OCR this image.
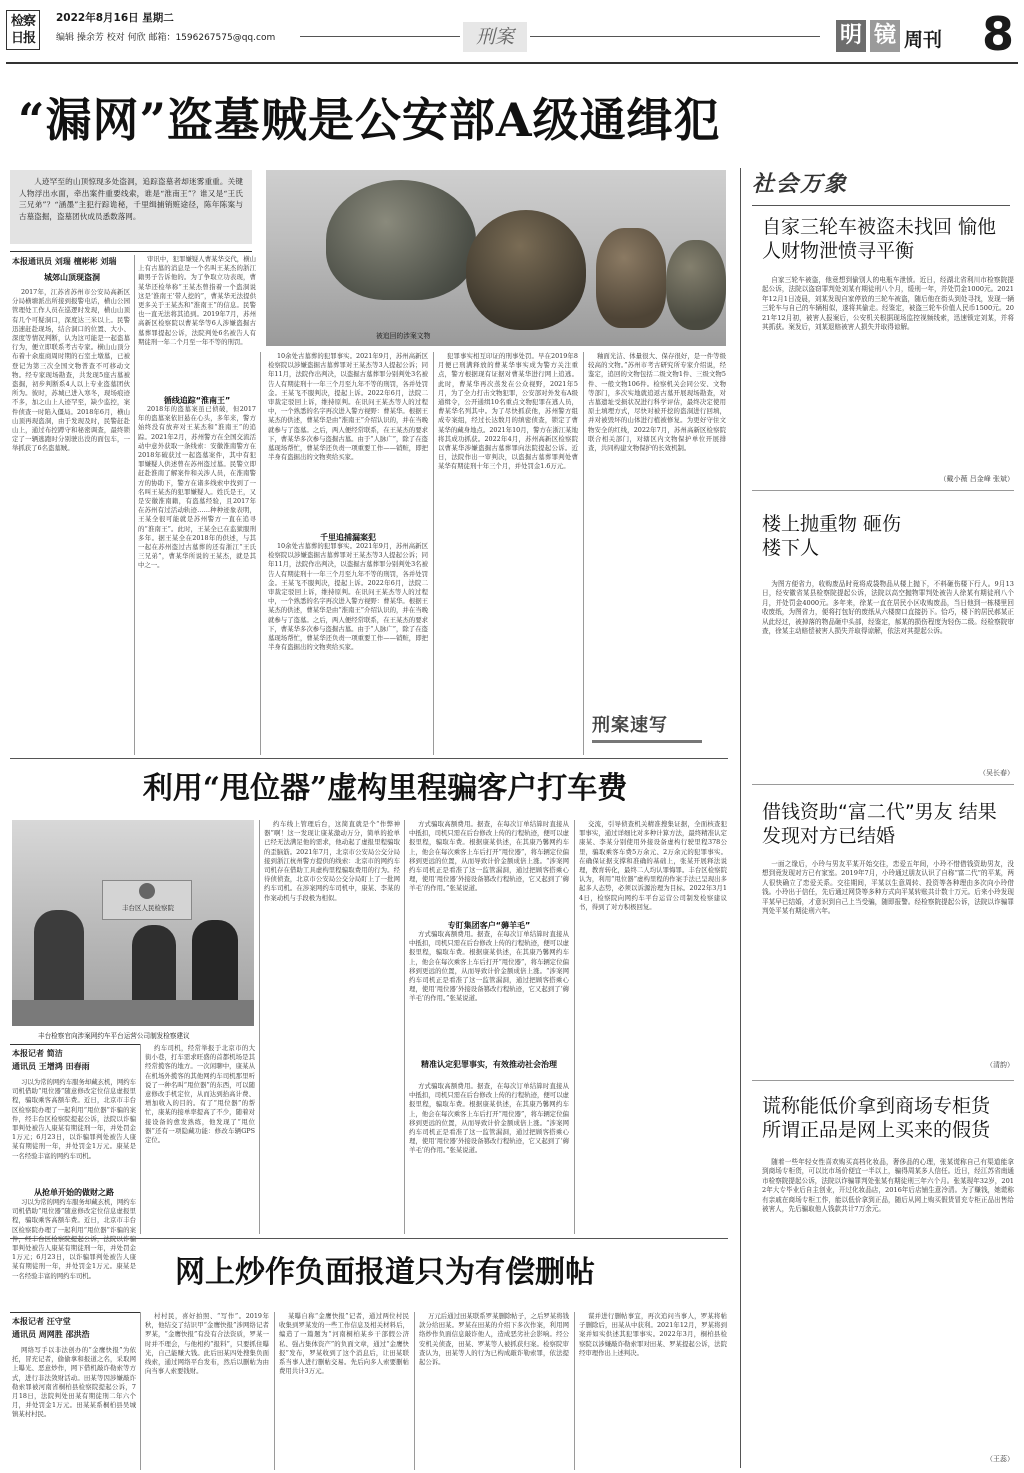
检察日报
2022年8月16日 星期二
编辑 操余芳 校对 何欣 邮箱：1596267575@qq.com	刑案	明 镜 周刊 8
“漏网”盗墓贼是公安部A级通缉犯
人迹罕至的山顶惊现多处盗洞，追踪盗墓者却迷雾重重。关键人物浮出水面，牵出案件重要线索，谁是“淮南王”？谁又是“王氏三兄弟”？“涵墨”主犯行踪诡秘，千里缉捕销赃途径，陈年陈案与古墓盗掘，盗墓团伙成员悉数落网。
本报通讯员 刘瑞 檀彬彬 刘瑞
城郊山顶现盗洞
被追回的涉案文物

2017年，江苏省苏州市公安局高新区分局横塘派出所接到报警电话，横山公园管理处工作人员在巡逻时发现，横山山顶有几个可疑洞口，深度达三米以上。民警迅速赶赴现场，结合洞口的位置、大小、深度等情况判断，认为这可能是一起盗墓行为，便立即联系考古专家。横山山顶分布着十余座商周时期的石室土墩墓，已被登记为第三次全国文物普查不可移动文物。经专家现场勘查，共发现5座古墓被盗掘，初步判断系4人以上专业盗墓团伙所为。彼时，苏城已进入寒冬，现场痕迹不多，加之山上人迹罕至，缺少监控，案件侦查一时陷入僵局。2018年6月，横山山顶再现盗洞，由于发现及时，民警赶赴山上，通过布控蹲守和秘密调查，最终锁定了一辆逃跑时分别驶出没的面包车，一举抓获了6名盗墓贼。

审讯中，犯罪嫌疑人曹某华交代，横山上有古墓的消息是一个名叫王某杰的浙江籍男子告诉他的。为了争取立功表现，曹某华还检举称“王某杰曾指着一个盗洞说这是‘淮南王’带人挖的”，曹某华无法提供更多关于王某杰和“淮南王”的信息。民警也一直无法将其追到。2019年7月，苏州高新区检察院以曹某华等6人涉嫌盗掘古墓葬罪提起公诉，法院判处6名被告人有期徒刑一年二个月至一年不等的刑罚。

循线追踪“淮南王”

2018年的盗墓案虽已侦破，但2017年的盗墓案依旧悬在心头，多年来，警方始终没有放弃对王某杰和“淮南王”的追踪。2021年2月，苏州警方在全国交流活动中意外获取一条线索：安徽淮南警方在2018年破获过一起盗墓案件，其中有犯罪嫌疑人供述曾在苏州盗过墓。民警立即赶赴淮南了解案件和关涉人员，在淮南警方的协助下，警方在诸多线索中找到了一名叫王某杰的犯罪嫌疑人。姓氏是王，又是安徽淮南籍，有盗墓经验，且2017年在苏州有过活动轨迹……种种迹象表明，王某全很可能就是苏州警方一直在追寻的“淮南王”。此时，王某全已在监狱服刑多年。据王某全在2018年的供述，与其一起在苏州盗过古墓葬的还有浙江“王氏三兄弟”，曹某华所说的王某杰，就是其中之一。

10余处古墓葬的犯罪事实。2021年9月，苏州高新区检察院以涉嫌盗掘古墓葬罪对王某杰等3人提起公诉；同年11月，法院作出判决，以盗掘古墓葬罪分别判处3名被告人有期徒刑十一年三个月至九年不等的刑罚，各并处罚金。王某飞不服判决，提起上诉。2022年6月，法院二审裁定驳回上诉，维持原判。在讯问王某杰等人的过程中，一个熟悉的名字再次进入警方视野：曹某华。根据王某杰的供述，曹某华是由“淮南王”介绍认识的，并在当晚就参与了盗墓。之后，两人便经常联系，在王某杰的要求下，曹某华多次参与盗掘古墓。由于“人脉广”，除了在盗墓现场帮忙，曹某华还负责一项重要工作——销赃，即把半身有盗掘出的文物卖给买家。

千里追捕漏案犯

10余处古墓葬的犯罪事实。2021年9月，苏州高新区检察院以涉嫌盗掘古墓葬罪对王某杰等3人提起公诉；同年11月，法院作出判决，以盗掘古墓葬罪分别判处3名被告人有期徒刑十一年三个月至九年不等的刑罚，各并处罚金。王某飞不服判决，提起上诉。2022年6月，法院二审裁定驳回上诉，维持原判。在讯问王某杰等人的过程中，一个熟悉的名字再次进入警方视野：曹某华。根据王某杰的供述，曹某华是由“淮南王”介绍认识的，并在当晚就参与了盗墓。之后，两人便经常联系，在王某杰的要求下，曹某华多次参与盗掘古墓。由于“人脉广”，除了在盗墓现场帮忙，曹某华还负责一项重要工作——销赃，即把半身有盗掘出的文物卖给买家。

犯罪事实相互印证的刑事处罚。早在2019年8月便已刑满释放的曹某华事实成为警方关注重点，警方根据现有证据对曹某华进行网上追逃。此时，曹某华再次蒸发在公众视野，2021年5月，为了全力打击文物犯罪，公安部对外发布A级通缉令，公开通缉10名重点文物犯罪在逃人员，曹某华名列其中。为了尽快抓获他，苏州警方组成专案组，经过长达数月的缜密侦查，锁定了曹某华的藏身地点。2021年10月，警方在浙江某地将其成功抓获。2022年4月，苏州高新区检察院以曹某华涉嫌盗掘古墓葬罪向法院提起公诉。近日，法院作出一审判决，以盗掘古墓葬罪判处曹某华有期徒刑十年三个月，并处罚金1.6万元。

釉面光洁、体量很大、保存很好，是一件等级较高的文物。”苏州市考古研究所专家介绍说，经鉴定，追回的文物包括二级文物1件、三级文物5件、一般文物106件。检察机关会同公安、文物等部门，多次实地就追返古墓开展现场勘查，对古墓遗址受损状况进行科学评估，最终决定使用原土填埋方式，尽快对被开挖的盗洞进行回填，并对被毁坏的山体进行植被修复。为更好守住文物安全的红线，2022年7月，苏州高新区检察院联合相关部门，对辖区内文物保护单位开展排查，共同构建文物保护的长效机制。

刑案速写
利用“甩位器”虚构里程骗客户打车费
丰台区人民检察院
丰台检察官向涉案网约车平台运营公司制发检察建议
本报记者 简洁
通讯员 王增鸿 田春雨

习以为常的网约车服务却藏玄机，网约车司机借助“甩位器”随意修改定位信息虚报里程，骗取乘客高额车费。近日，北京市丰台区检察院办理了一起利用“甩位器”诈骗的案件，经丰台区检察院提起公诉，法院以诈骗罪判处被告人康某有期徒刑一年，并处罚金1万元；6月23日，以诈骗罪判处被告人康某有期徒刑一年，并处罚金1万元。康某是一名经验丰富的网约车司机。

从抢单开始的做财之路

习以为常的网约车服务却藏玄机，网约车司机借助“甩位器”随意修改定位信息虚报里程，骗取乘客高额车费。近日，北京市丰台区检察院办理了一起利用“甩位器”诈骗的案 罪判处被告人康某有期徒刑一年，并处罚金1万元；6月23日，以诈骗罪判处被告人康某有期徒刑一年，并处罚金1万元。康某是一名经验丰富的网约车司机。

约车司机，经常举报于北京市的大街小巷，打车需求旺盛的首都机场是其经常揽客的地方。一次闲聊中，康某从在机场外揽客的其他网约车司机那里听说了一种名叫“甩位器”的东西，可以随意修改手机定位，从而达到抬高计费、增加收入的目的。有了“甩位器”的帮忙，康某的接单率提高了不少，随着对接设备的愈发熟练，他发现了“甩位器”还有一项隐藏功能：修改车辆GPS定位。

约车线上管理后台，这简直就是个“作弊神器”啊！这一发现让康某激动万分，简单的抢单已经无法满足他的需求，他动起了虚报里程骗取的歪脑筋。2021年7月，北京市公安局公交分局接到浙江杭州警方提供的线索：北京市的网约车司机存在借助工具虚构里程骗取费用的行为。经待侦侦查，北京市公安局公交分局盯上了一批网约车司机。在涉案网约车司机中，康某、李某的作案动机与手段极为相似。

方式骗取高额费用。据查，在每次订单结算时直接从中抵扣，司机只需在后台修改上传的行程轨迹，便可以虚报里程，骗取车费。根据康某供述，在其康乃馨网约车上，他会在每次乘客上车后打开“甩位器”，将车辆定位偏移到更远的位置，从而导致计价金额成倍上涨。“涉案网约车司机正是看准了这一监管漏洞，通过把顾客搭乘心理，使用‘甩位器’外接设备篡改行程轨迹，它又起到了‘薅羊毛’的作用。”张某说道。

专盯集团客户“薅羊毛”

方式骗取高额费用。据查，在每次订单结算时直接从中抵扣，司机只需在后台修改上传的行程轨迹，便可以虚报里程，骗取车费。根据康某供述，在其康乃馨网约车上，他会在每次乘客上车后打开“甩位器”，将车辆定位偏移到更远的位置，从而导致计价金额成倍上涨。“涉案网约车司机正是看准了这一监管漏洞，通过把顾客搭乘心理，使用‘甩位器’外接设备篡改行程轨迹，它又起到了‘薅羊毛’的作用。”张某说道。

精准认定犯罪事实，有效推动社会治理

方式骗取高额费用。据查，在每次订单结算时直接从中抵扣，司机只需在后台修改上传的行程轨迹，便可以虚报里程，骗取车费。根据康某供述，在其康乃馨网约车上，他会在每次乘客上车后打开“甩位器”，将车辆定位偏移到更远的位置，从而导致计价金额成倍上涨。“涉案网约车司机正是看准了这一监管漏洞，通过把顾客搭乘心理，使用‘甩位器’外接设备篡改行程轨迹，它又起到了‘薅羊毛’的作用。”张某说道。

交流，引导侦查机关精准搜集证据，全面核查犯罪事实，通过详细比对多种计算方法，最终精准认定康某、李某分别使用外接设备虚构行驶里程378公里，骗取乘客车费5万余元、2万余元的犯罪事实。在确保证据支撑和准确的基础上，张某开展释法说理，教育转化，最终二人均认罪悔罪。丰台区检察院认为，利用“甩位器”虚构里程的作案手法已呈现出多起多人态势，必须以诉源治理为目标。2022年3月14日，检察院向网约车平台运营公司制发检察建议书，得到了对方积极回复。

网上炒作负面报道只为有偿删帖
本报记者 汪守堂
通讯员 周网胜 邵洪浩

网络写手以非法创办的“金鹰快报”为依托，冒充记者，偷偷拿和报道之名，采取网上曝光、恶意炒作，网下借机敲诈勒索等方式，进行非法敛财活动。田某等因涉嫌敲诈勒索罪被河南省桐柏县检察院提起公诉，7月18日，法院判处田某有期徒刑二年六个月，并处罚金1万元。田某某系桐柏县吴城镇某村村民。

村村民，喜好拍照、“写作”。2019年秋，他结交了结识甲“金鹰快报”涉网络记者罗某，“金鹰快报”有没有合法资质，罗某一时并不理会，与他相约“报料”，只要抓住曝光，自己能赚大钱。此后田某四处搜集负面线索，通过网络平台发布，然后以删帖为由向当事人索要钱财。

某曝自称“金鹰快报”记者，通过两位村民收集到罗某发的一些工作信息及相关材料后，编造了一篇题为“河南桐柏某乡干部假公济私、强占集体资产”的负面文章，通过“金鹰快报”发布，罗某收到了这个消息后，让田某联系当事人进行删帖交易。先后向多人索要删帖费用共计3万元。

万元后通过田某联系罗某删除帖子，之后罗某将钱款分给田某。罗某在田某的介绍下多次作案，利用网络炒作负面信息敲诈他人，造成恶劣社会影响。经公安机关侦查，田某、罗某等人被抓获归案。检察院审查认为，田某等人的行为已构成敲诈勒索罪，依法提起公诉。

谋并进行删帖事宜，再次追问当事人，罗某将帖子删除后，田某从中获利。2021年12月，罗某将到案并如实供述其犯罪事实。2022年3月，桐柏县检察院以涉嫌敲诈勒索罪对田某、罗某提起公诉，法院经审理作出上述判决。

社会万象
自家三轮车被盗未找回 愉他人财物泄愤寻平衡

自家三轮车被盗，他竟想到偷别人的电瓶车泄愤。近日，经湖北省利川市检察院提起公诉，法院以盗窃罪判处刘某有期徒刑八个月，缓刑一年，并处罚金1000元。2021年12月1日凌晨，刘某发现自家停放的三轮车被盗，随后他在街头到处寻找，发现一辆三轮车与自己的车辆相似，遂将其偷走。经鉴定，被盗三轮车价值人民币1500元。2021年12月初，被害人报案后，公安机关根据现场监控视频线索，迅速锁定刘某，并将其抓获。案发后，刘某退赔被害人损失并取得谅解。

（戴小薇 吕金峰 张斌）
楼上抛重物 砸伤楼下人

为图方便省力，收购废品时竟将成袋物品从楼上抛下，不料砸伤楼下行人。9月13日，经安徽省某县检察院提起公诉，法院以高空抛物罪判处被告人徐某有期徒刑八个月，并处罚金4000元。多年来，徐某一直在居民小区收购废品，当日他到一栋楼里回收废纸，为图省力，便将打包好的废纸从六楼窗口直接扔下。恰巧，楼下的居民郝某正从此经过，被掉落的物品砸中头部，经鉴定，郝某的损伤程度为轻伤二级。经检察院审查，徐某主动赔偿被害人损失并取得谅解，依法对其提起公诉。

（吴长春）
借钱资助“富二代”男友 结果发现对方已结婚

一面之缘后，小玲与男友平某开始交往，恋爱五年间，小玲不惜借钱资助男友，没想到竟发现对方已有家室。2019年7月，小玲通过朋友认识了自称“富二代”的平某，两人很快确立了恋爱关系。交往期间，平某以生意周转、投资等各种理由多次向小玲借钱。小玲出于信任，先后通过网贷等多种方式向平某转账共计数十万元。后来小玲发现平某早已结婚，才意识到自己上当受骗，随即报警。经检察院提起公诉，法院以诈骗罪判处平某有期徒刑六年。

（清韵）
谎称能低价拿到商场专柜货 所谓正品是网上买来的假货

随着一些年轻女性喜欢购买高档化妆品，奢侈品的心理，张某谎称自己有渠道能拿到商场专柜货，可以比市场价便宜一半以上，骗得周某多人信任。近日，经江苏省南通市检察院提起公诉，法院以诈骗罪判处张某有期徒刑三年六个月。张某现年32岁，2012年大专毕业后自主创业，开过化妆品店，2016年后店铺生意冷清。为了赚钱，她谎称有亲戚在商场专柜工作，能以低价拿到正品，随后从网上购买假货冒充专柜正品出售给被害人，先后骗取他人钱款共计7万余元。

（王蕊）
